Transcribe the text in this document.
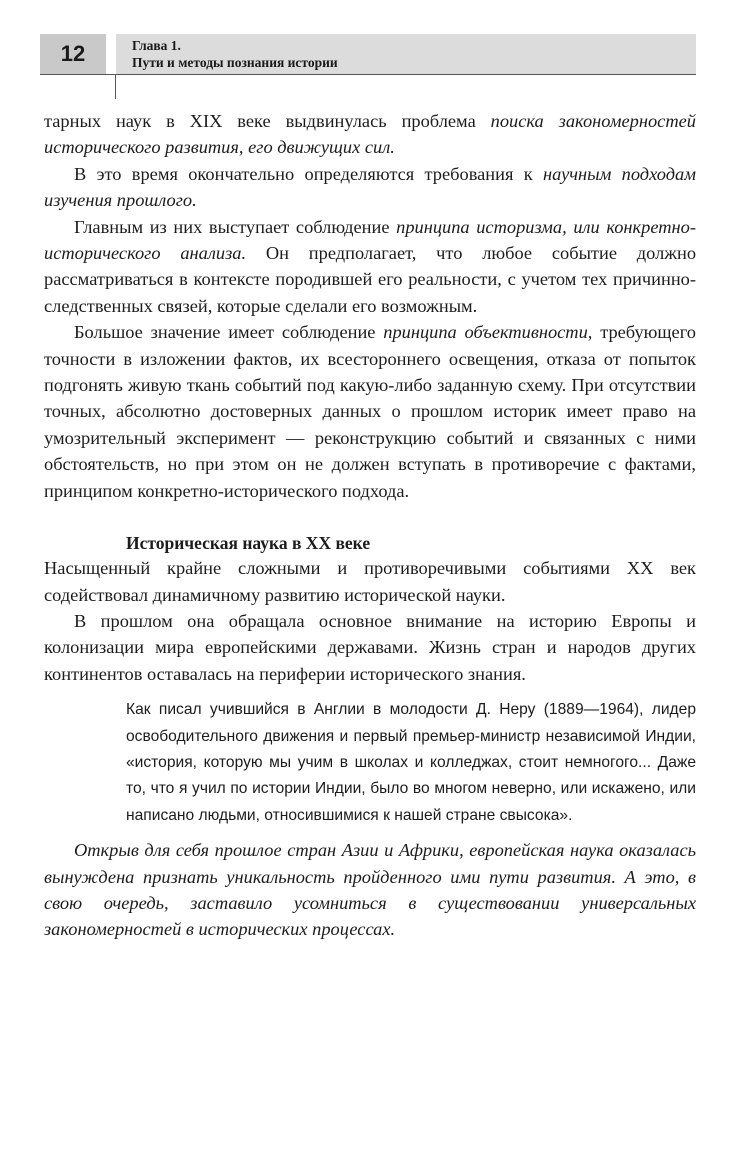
12	Глава 1.
Пути и методы познания истории

тарных наук в XIX веке выдвинулась проблема поиска закономерностей исторического развития, его движущих сил.

В это время окончательно определяются требования к научным подходам изучения прошлого.

Главным из них выступает соблюдение принципа историзма, или конкретно-исторического анализа. Он предполагает, что любое событие должно рассматриваться в контексте породившей его реальности, с учетом тех причинно-следственных связей, которые сделали его возможным.

Большое значение имеет соблюдение принципа объективности, требующего точности в изложении фактов, их всестороннего освещения, отказа от попыток подгонять живую ткань событий под какую-либо заданную схему. При отсутствии точных, абсолютно достоверных данных о прошлом историк имеет право на умозрительный эксперимент — реконструкцию событий и связанных с ними обстоятельств, но при этом он не должен вступать в противоречие с фактами, принципом конкретно-исторического подхода.

Историческая наука в XX веке

Насыщенный крайне сложными и противоречивыми событиями XX век содействовал динамичному развитию исторической науки.

В прошлом она обращала основное внимание на историю Европы и колонизации мира европейскими державами. Жизнь стран и народов других континентов оставалась на периферии исторического знания.

Как писал учившийся в Англии в молодости Д. Неру (1889—1964), лидер освободительного движения и первый премьер-министр независимой Индии, «история, которую мы учим в школах и колледжах, стоит немногого... Даже то, что я учил по истории Индии, было во многом неверно, или искажено, или написано людьми, относившимися к нашей стране свысока».

Открыв для себя прошлое стран Азии и Африки, европейская наука оказалась вынуждена признать уникальность пройденного ими пути развития. А это, в свою очередь, заставило усомниться в существовании универсальных закономерностей в исторических процессах.
